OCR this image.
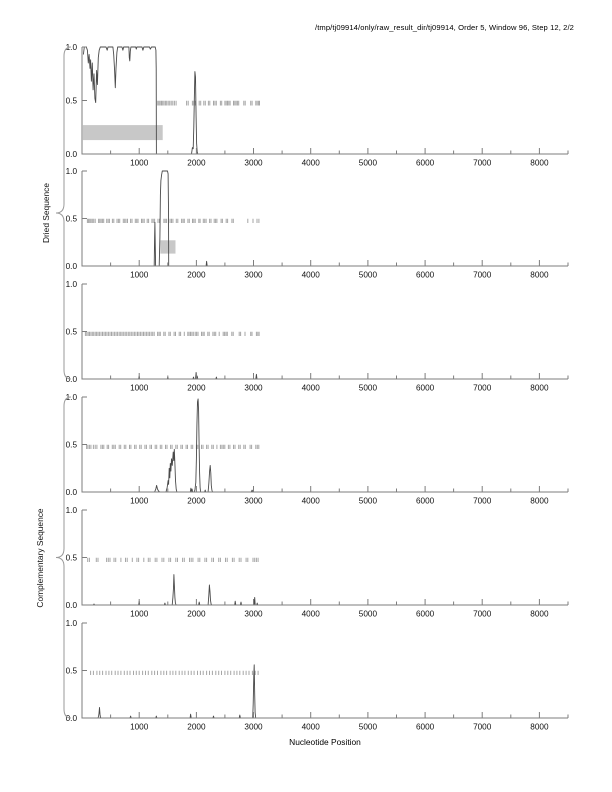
/tmp/tj09914/only/raw_result_dir/tj09914, Order 5, Window 96, Step 12, 2/2
1000	2000	3000	4000	5000	6000	7000	8000
0.0
0.5
1.0
1000	2000	3000	4000	5000	6000	7000	8000
0.0
0.5
1.0
1000	2000	3000	4000	5000	6000	7000	8000
0.0
0.5
1.0
1000	2000	3000	4000	5000	6000	7000	8000
0.0
0.5
1.0
1000	2000	3000	4000	5000	6000	7000	8000
0.0
0.5
1.0
1000	2000	3000	4000	5000	6000	7000	8000
0.0
0.5
1.0
Dried Sequence
Complementary Sequence
Nucleotide Position
